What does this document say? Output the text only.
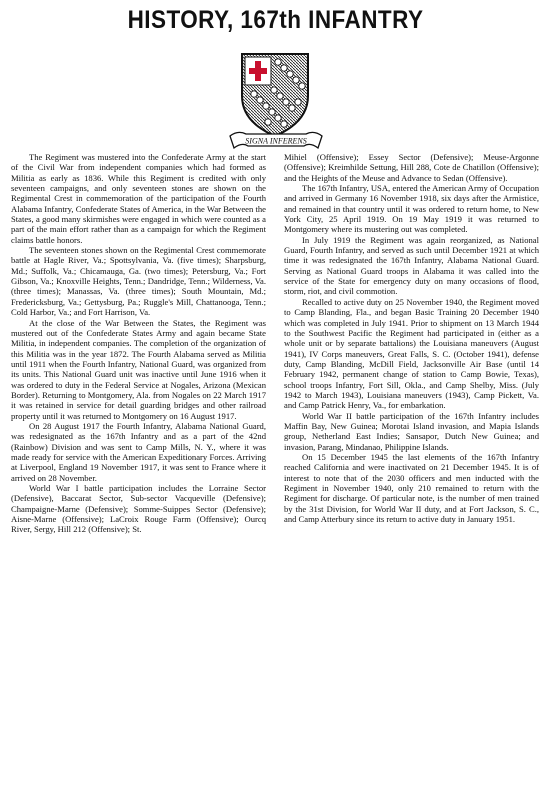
HISTORY, 167th INFANTRY
SIGNA INFERENS

The Regiment was mustered into the Confederate Army at the start of the Civil War from independent companies which had formed as Militia as early as 1836. While this Regiment is credited with only seventeen campaigns, and only seventeen stones are shown on the Regimental Crest in commemoration of the participation of the Fourth Alabama Infantry, Confederate States of America, in the War Between the States, a good many skirmishes were engaged in which were counted as a part of the main effort rather than as a campaign for which the Regiment claims battle honors.

The seventeen stones shown on the Regimental Crest commemorate battle at Hagle River, Va.; Spottsylvania, Va. (five times); Sharpsburg, Md.; Suffolk, Va.; Chicamauga, Ga. (two times); Petersburg, Va.; Fort Gibson, Va.; Knoxville Heights, Tenn.; Dandridge, Tenn.; Wilderness, Va. (three times); Manassas, Va. (three times); South Mountain, Md.; Fredericksburg, Va.; Gettysburg, Pa.; Ruggle's Mill, Chattanooga, Tenn.; Cold Harbor, Va.; and Fort Harrison, Va.

At the close of the War Between the States, the Regiment was mustered out of the Confederate States Army and again became State Militia, in independent companies. The completion of the organization of this Militia was in the year 1872. The Fourth Alabama served as Militia until 1911 when the Fourth Infantry, National Guard, was organized from its units. This National Guard unit was inactive until June 1916 when it was ordered to duty in the Federal Service at Nogales, Arizona (Mexican Border). Returning to Montgomery, Ala. from Nogales on 22 March 1917 it was retained in service for detail guarding bridges and other railroad property until it was returned to Montgomery on 16 August 1917.

On 28 August 1917 the Fourth Infantry, Alabama National Guard, was redesignated as the 167th Infantry and as a part of the 42nd (Rainbow) Division and was sent to Camp Mills, N. Y., where it was made ready for service with the American Expeditionary Forces. Arriving at Liverpool, England 19 November 1917, it was sent to France where it arrived on 28 November.

World War I battle participation includes the Lorraine Sector (Defensive), Baccarat Sector, Sub-sector Vacqueville (Defensive); Champaigne-Marne (Defensive); Somme-Suippes Sector (Defensive); Aisne-Marne (Offensive); LaCroix Rouge Farm (Offensive); Ourcq River, Sergy, Hill 212 (Offensive); St.

Mihiel (Offensive); Essey Sector (Defensive); Meuse-Argonne (Offensive); Kreimhilde Settung, Hill 288, Cote de Chatillon (Offensive); and the Heights of the Meuse and Advance to Sedan (Offensive).

The 167th Infantry, USA, entered the American Army of Occupation and arrived in Germany 16 November 1918, six days after the Armistice, and remained in that country until it was ordered to return home, to New York City, 25 April 1919. On 19 May 1919 it was returned to Montgomery where its mustering out was completed.

In July 1919 the Regiment was again reorganized, as National Guard, Fourth Infantry, and served as such until December 1921 at which time it was redesignated the 167th Infantry, Alabama National Guard. Serving as National Guard troops in Alabama it was called into the service of the State for emergency duty on many occasions of flood, storm, riot, and civil commotion.

Recalled to active duty on 25 November 1940, the Regiment moved to Camp Blanding, Fla., and began Basic Training 20 December 1940 which was completed in July 1941. Prior to shipment on 13 March 1944 to the Southwest Pacific the Regiment had participated in (either as a whole unit or by separate battalions) the Louisiana maneuvers (August 1941), IV Corps maneuvers, Great Falls, S. C. (October 1941), defense duty, Camp Blanding, McDill Field, Jacksonville Air Base (until 14 February 1942, permanent change of station to Camp Bowie, Texas), school troops Infantry, Fort Sill, Okla., and Camp Shelby, Miss. (July 1942 to March 1943), Louisiana maneuvers (1943), Camp Pickett, Va. and Camp Patrick Henry, Va., for embarkation.

World War II battle participation of the 167th Infantry includes Maffin Bay, New Guinea; Morotai Island invasion, and Mapia Islands group, Netherland East Indies; Sansapor, Dutch New Guinea; and invasion, Parang, Mindanao, Philippine Islands.

On 15 December 1945 the last elements of the 167th Infantry reached California and were inactivated on 21 December 1945. It is of interest to note that of the 2030 officers and men inducted with the Regiment in November 1940, only 210 remained to return with the Regiment for discharge. Of particular note, is the number of men trained by the 31st Division, for World War II duty, and at Fort Jackson, S. C., and Camp Atterbury since its return to active duty in January 1951.
